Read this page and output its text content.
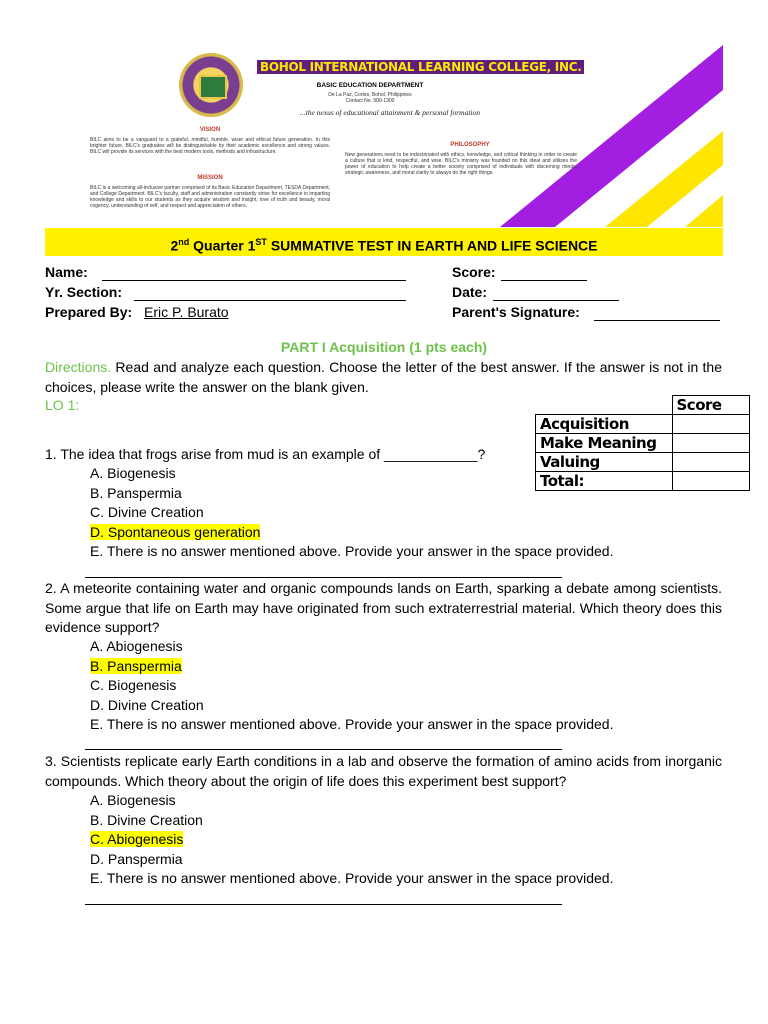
BOHOL INTERNATIONAL LEARNING COLLEGE, INC.
BASIC EDUCATION DEPARTMENT
De La Paz, Cortes, Bohol, Philippines
Contact No. 500-1300
...the nexus of educational attainment & personal formation
VISION
BILC aims to be a vanguard to a grateful, mindful, humble, wiser and ethical future generation. In this brighter future, BILC's graduates will be distinguishable by their academic excellence and strong values. BILC will provide its services with the best modern tools, methods and infrastructure.
MISSION
BILC is a welcoming all-inclusive partner comprised of its Basic Education Department, TESDA Department, and College Department. BILC's faculty, staff and administration constantly strive for excellence in imparting knowledge and skills to our students as they acquire wisdom and insight, love of truth and beauty, moral cogency, understanding of self, and respect and appreciation of others.
PHILOSOPHY
New generations need to be indoctrinated with ethics, knowledge, and critical thinking in order to create a culture that is kind, respectful, and wise. BILC's ministry was founded on this ideal and utilizes the power of education to help create a better society comprised of individuals with discerning minds, strategic awareness, and moral clarity to always do the right things.
2nd Quarter 1ST SUMMATIVE TEST IN EARTH AND LIFE SCIENCE
Name:
Yr. Section:
Prepared By: Eric P. Burato
Score:
Date:
Parent's Signature:
PART I Acquisition (1 pts each)
Directions. Read and analyze each question. Choose the letter of the best answer. If the answer is not in the choices, please write the answer on the blank given.
LO 1:
		Score
Acquisition	
Make Meaning	
Valuing	
Total:	
1. The idea that frogs arise from mud is an example of ____________?
A. Biogenesis
B. Panspermia
C. Divine Creation
D. Spontaneous generation
E. There is no answer mentioned above. Provide your answer in the space provided.
2. A meteorite containing water and organic compounds lands on Earth, sparking a debate among scientists. Some argue that life on Earth may have originated from such extraterrestrial material. Which theory does this evidence support?
A. Abiogenesis
B. Panspermia
C. Biogenesis
D. Divine Creation
E. There is no answer mentioned above. Provide your answer in the space provided.
3. Scientists replicate early Earth conditions in a lab and observe the formation of amino acids from inorganic compounds. Which theory about the origin of life does this experiment best support?
A. Biogenesis
B. Divine Creation
C. Abiogenesis
D. Panspermia
E. There is no answer mentioned above. Provide your answer in the space provided.
